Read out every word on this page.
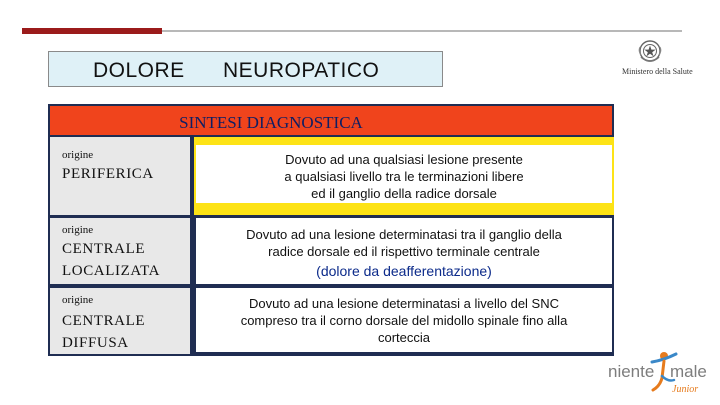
DOLORE NEUROPATICO	Ministero della Salute
SINTESI DIAGNOSTICA
origine
PERIFERICA
Dovuto ad una qualsiasi lesione presente
a qualsiasi livello tra le terminazioni libere
ed il ganglio della radice dorsale
origine
CENTRALE
LOCALIZATA
Dovuto ad una lesione determinatasi tra il ganglio della
radice dorsale ed il rispettivo terminale centrale
(dolore da deafferentazione)
origine
CENTRALE
DIFFUSA
Dovuto ad una lesione determinatasi a livello del SNC
compreso tra il corno dorsale del midollo spinale fino alla
corteccia
niente male
Junior
